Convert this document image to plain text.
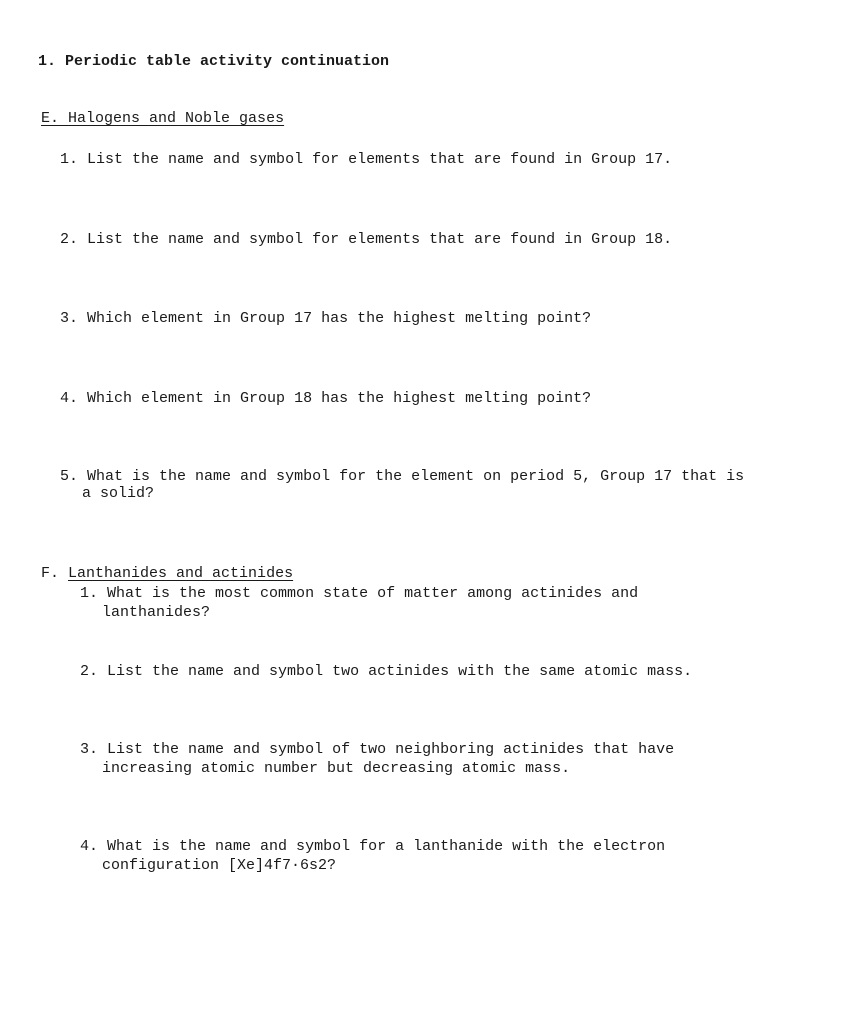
1. Periodic table activity continuation
E. Halogens and Noble gases
1. List the name and symbol for elements that are found in Group 17.
2. List the name and symbol for elements that are found in Group 18.
3. Which element in Group 17 has the highest melting point?
4. Which element in Group 18 has the highest melting point?
5. What is the name and symbol for the element on period 5, Group 17 that is
a solid?
F. Lanthanides and actinides
1. What is the most common state of matter among actinides and
lanthanides?
2. List the name and symbol two actinides with the same atomic mass.
3. List the name and symbol of two neighboring actinides that have
increasing atomic number but decreasing atomic mass.
4. What is the name and symbol for a lanthanide with the electron
configuration [Xe]4f7·6s2?
